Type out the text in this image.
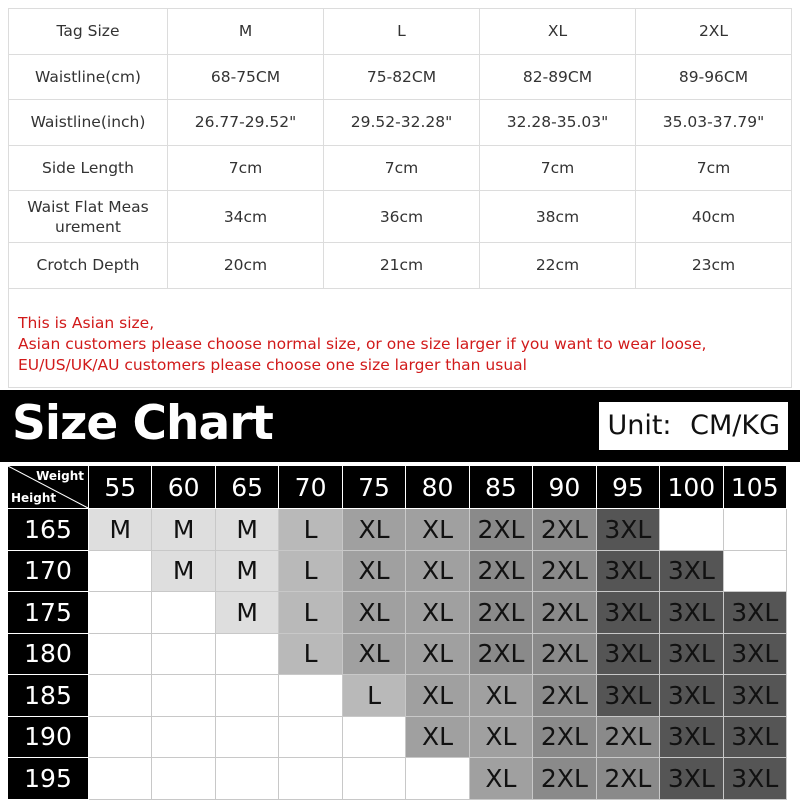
Tag Size	M	L	XL	2XL
Waistline(cm)	68-75CM	75-82CM	82-89CM	89-96CM
Waistline(inch)	26.77-29.52"	29.52-32.28"	32.28-35.03"	35.03-37.79"
Side Length	7cm	7cm	7cm	7cm
Waist Flat Meas urement	34cm	36cm	38cm	40cm
Crotch Depth	20cm	21cm	22cm	23cm
This is Asian size,
Asian customers please choose normal size, or one size larger if you want to wear loose,
EU/US/UK/AU customers please choose one size larger than usual
Size Chart	Unit: CM/KG
Weight
Height	55	60	65	70	75	80	85	90	95	100	105
165	M	M	M	L	XL	XL	2XL	2XL	3XL		
170		M	M	L	XL	XL	2XL	2XL	3XL	3XL	
175			M	L	XL	XL	2XL	2XL	3XL	3XL	3XL
180				L	XL	XL	2XL	2XL	3XL	3XL	3XL
185					L	XL	XL	2XL	3XL	3XL	3XL
190						XL	XL	2XL	2XL	3XL	3XL
195							XL	2XL	2XL	3XL	3XL
